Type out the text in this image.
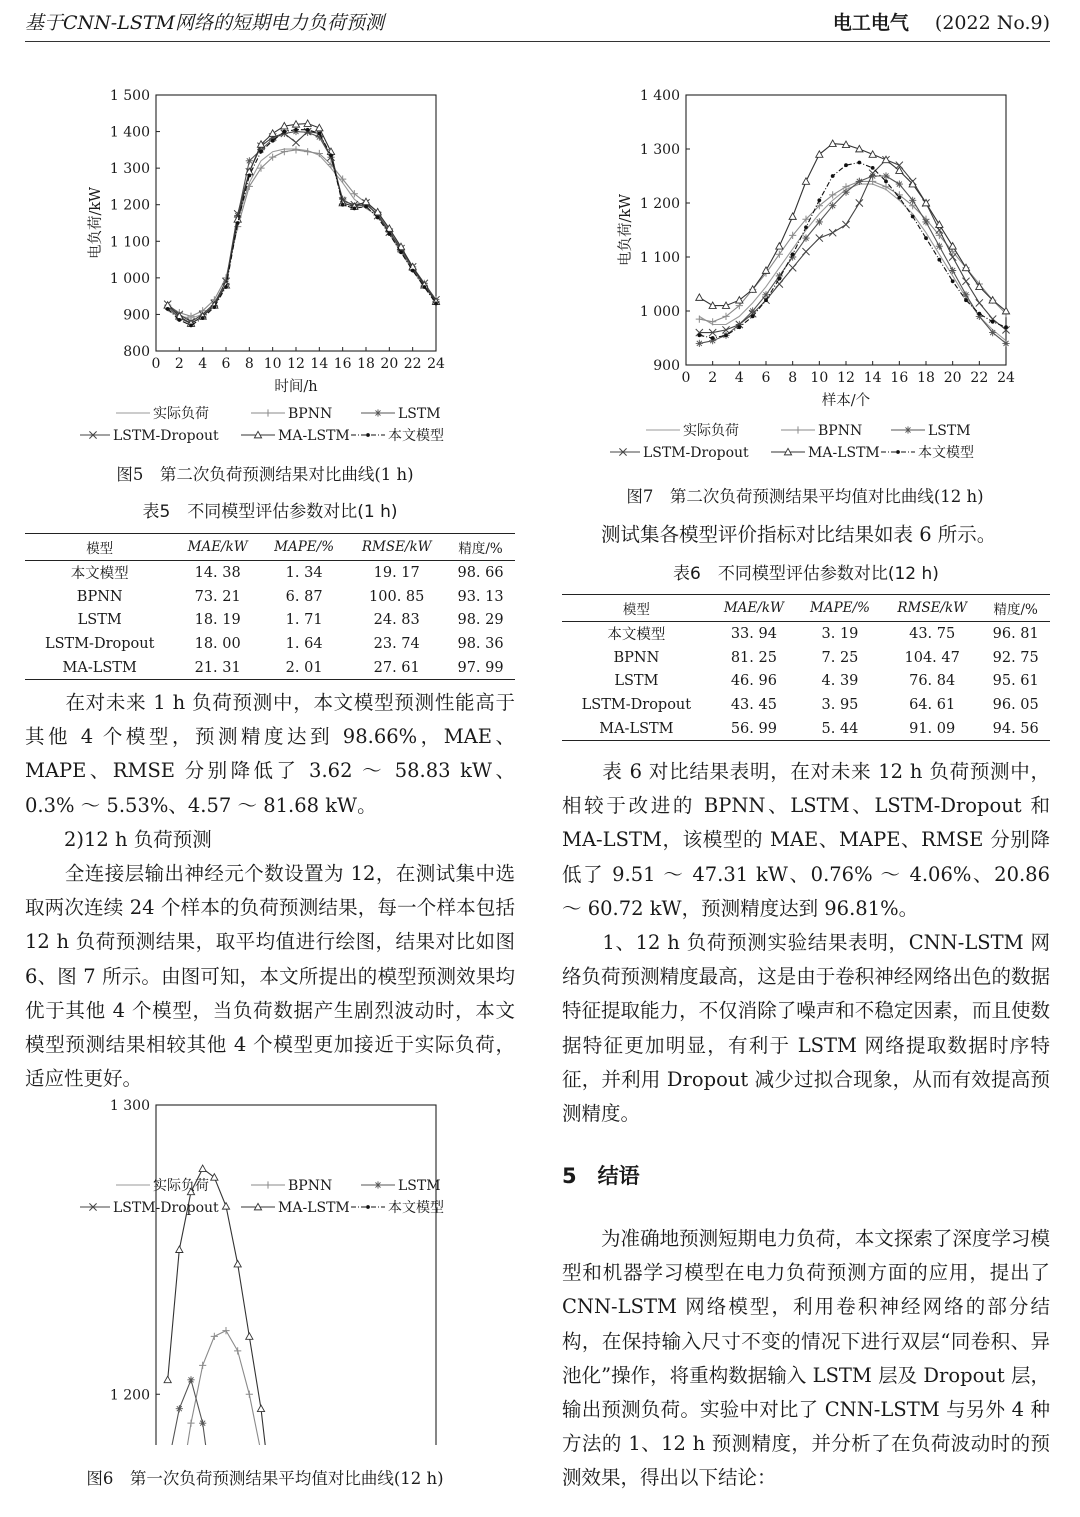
基于CNN-LSTM网络的短期电力负荷预测	电工电气 (2022 No.9)
800
900
1 000
1 100
1 200
1 300
1 400
1 500
0 2 4 6 8 10 12 14 16 18 20 22 24
时间/h
电负荷/kW
实际负荷	BPNN	LSTM
LSTM-Dropout	MA-LSTM	本文模型
图5　第二次负荷预测结果对比曲线(1 h)
表5　不同模型评估参数对比(1 h)
模型	MAE/kW	MAPE/%	RMSE/kW	精度/%
本文模型	14. 38	1. 34	19. 17	98. 66
BPNN	73. 21	6. 87	100. 85	93. 13
LSTM	18. 19	1. 71	24. 83	98. 29
LSTM-Dropout	18. 00	1. 64	23. 74	98. 36
MA-LSTM	21. 31	2. 01	27. 61	97. 99

　　在对未来 1 h 负荷预测中，本文模型预测性能高于其他 4 个模型，预测精度达到 98.66%，MAE、MAPE、RMSE 分别降低了 3.62 ～ 58.83 kW、0.3% ～ 5.53%、4.57 ～ 81.68 kW。

　　2)12 h 负荷预测

　　全连接层输出神经元个数设置为 12，在测试集中选取两次连续 24 个样本的负荷预测结果，每一个样本包括 12 h 负荷预测结果，取平均值进行绘图，结果对比如图 6、图 7 所示。由图可知，本文所提出的模型预测效果均优于其他 4 个模型，当负荷数据产生剧烈波动时，本文模型预测结果相较其他 4 个模型更加接近于实际负荷，适应性更好。

1 200
1 300
实际负荷	BPNN	LSTM
LSTM-Dropout	MA-LSTM	本文模型
图6　第一次负荷预测结果平均值对比曲线(12 h)
900
1 000
1 100
1 200
1 300
1 400
0 2 4 6 8 10 12 14 16 18 20 22 24
样本/个
电负荷/kW
实际负荷	BPNN	LSTM
LSTM-Dropout	MA-LSTM	本文模型
图7　第二次负荷预测结果平均值对比曲线(12 h)
　　测试集各模型评价指标对比结果如表 6 所示。
表6　不同模型评估参数对比(12 h)
模型	MAE/kW	MAPE/%	RMSE/kW	精度/%
本文模型	33. 94	3. 19	43. 75	96. 81
BPNN	81. 25	7. 25	104. 47	92. 75
LSTM	46. 96	4. 39	76. 84	95. 61
LSTM-Dropout	43. 45	3. 95	64. 61	96. 05
MA-LSTM	56. 99	5. 44	91. 09	94. 56

　　表 6 对比结果表明，在对未来 12 h 负荷预测中，相较于改进的 BPNN、LSTM、LSTM-Dropout 和 MA-LSTM，该模型的 MAE、MAPE、RMSE 分别降低了 9.51 ～ 47.31 kW、0.76% ～ 4.06%、20.86 ～ 60.72 kW，预测精度达到 96.81%。

　　1、12 h 负荷预测实验结果表明，CNN-LSTM 网络负荷预测精度最高，这是由于卷积神经网络出色的数据特征提取能力，不仅消除了噪声和不稳定因素，而且使数据特征更加明显，有利于 LSTM 网络提取数据时序特征，并利用 Dropout 减少过拟合现象，从而有效提高预测精度。

5　结语
　　为准确地预测短期电力负荷，本文探索了深度学习模型和机器学习模型在电力负荷预测方面的应用，提出了 CNN-LSTM 网络模型，利用卷积神经网络的部分结构，在保持输入尺寸不变的情况下进行双层“同卷积、异池化”操作，将重构数据输入 LSTM 层及 Dropout 层，输出预测负荷。实验中对比了 CNN-LSTM 与另外 4 种方法的 1、12 h 预测精度，并分析了在负荷波动时的预测效果，得出以下结论：
